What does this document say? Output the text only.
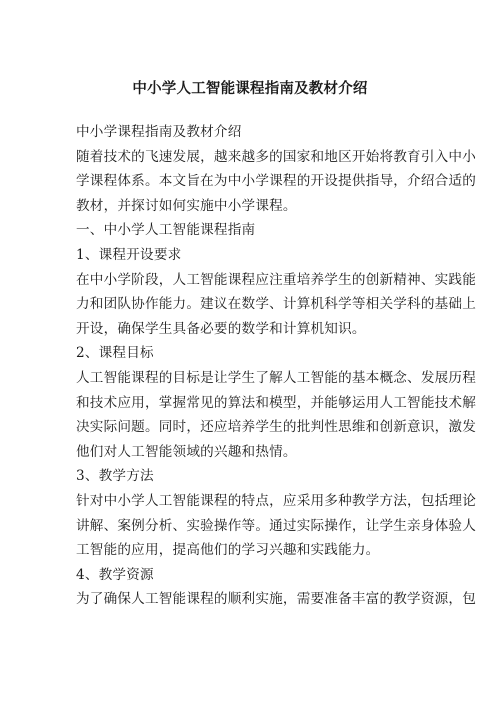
中小学人工智能课程指南及教材介绍
中小学课程指南及教材介绍
随着技术的飞速发展，越来越多的国家和地区开始将教育引入中小
学课程体系。本文旨在为中小学课程的开设提供指导，介绍合适的
教材，并探讨如何实施中小学课程。
一、中小学人工智能课程指南
1、课程开设要求
在中小学阶段，人工智能课程应注重培养学生的创新精神、实践能
力和团队协作能力。建议在数学、计算机科学等相关学科的基础上
开设，确保学生具备必要的数学和计算机知识。
2、课程目标
人工智能课程的目标是让学生了解人工智能的基本概念、发展历程
和技术应用，掌握常见的算法和模型，并能够运用人工智能技术解
决实际问题。同时，还应培养学生的批判性思维和创新意识，激发
他们对人工智能领域的兴趣和热情。
3、教学方法
针对中小学人工智能课程的特点，应采用多种教学方法，包括理论
讲解、案例分析、实验操作等。通过实际操作，让学生亲身体验人
工智能的应用，提高他们的学习兴趣和实践能力。
4、教学资源
为了确保人工智能课程的顺利实施，需要准备丰富的教学资源，包
